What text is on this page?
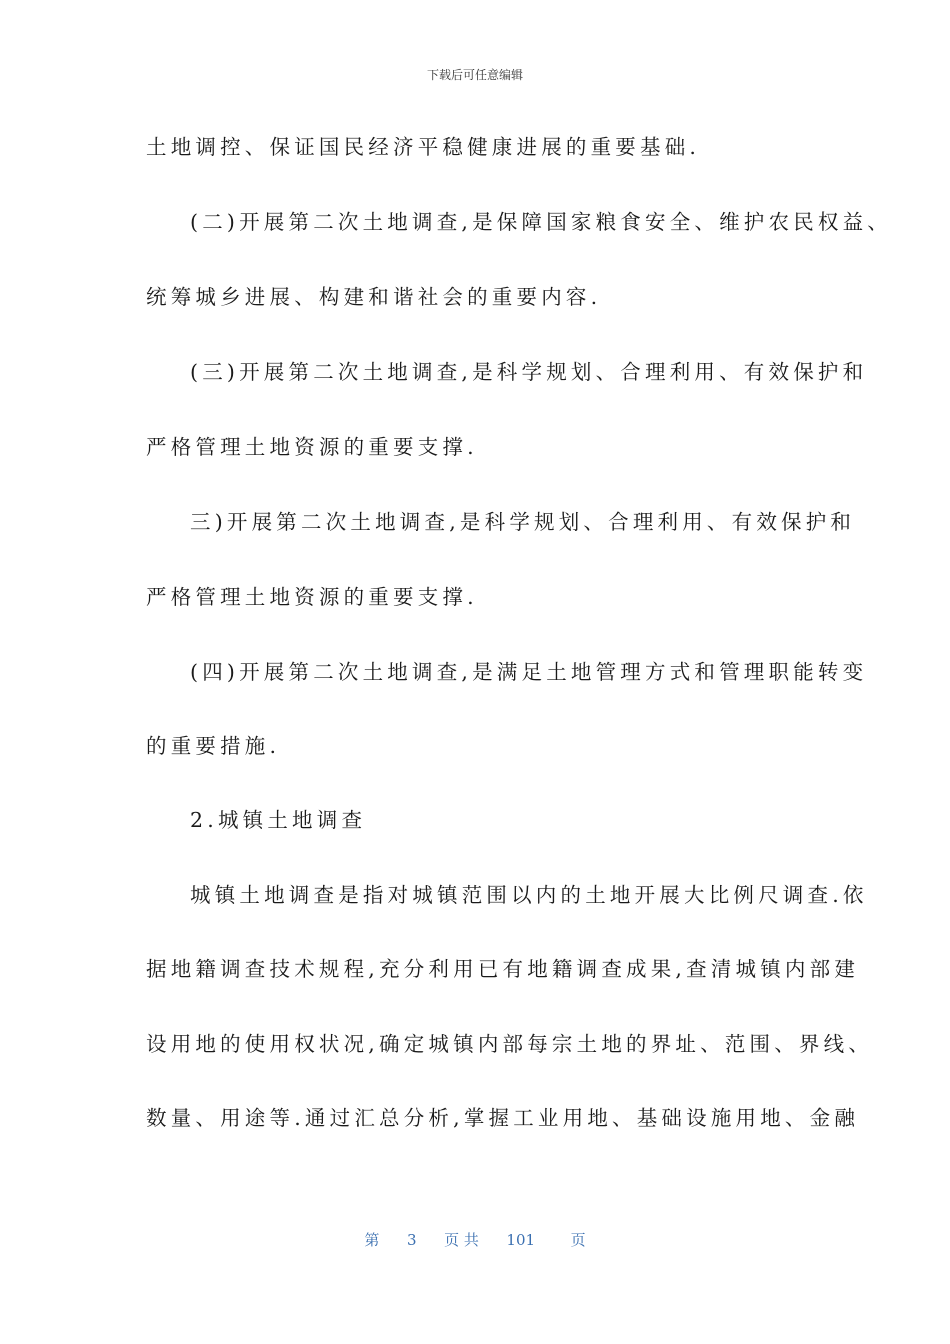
下载后可任意编辑
土地调控、保证国民经济平稳健康进展的重要基础.
(二)开展第二次土地调查,是保障国家粮食安全、维护农民权益、
统筹城乡进展、构建和谐社会的重要内容.
(三)开展第二次土地调查,是科学规划、合理利用、有效保护和
严格管理土地资源的重要支撑.
三)开展第二次土地调查,是科学规划、合理利用、有效保护和
严格管理土地资源的重要支撑.
(四)开展第二次土地调查,是满足土地管理方式和管理职能转变
的重要措施.
2.城镇土地调查
城镇土地调查是指对城镇范围以内的土地开展大比例尺调查.依
据地籍调查技术规程,充分利用已有地籍调查成果,查清城镇内部建
设用地的使用权状况,确定城镇内部每宗土地的界址、范围、界线、
数量、用途等.通过汇总分析,掌握工业用地、基础设施用地、金融
第 3 页 共 101 页
